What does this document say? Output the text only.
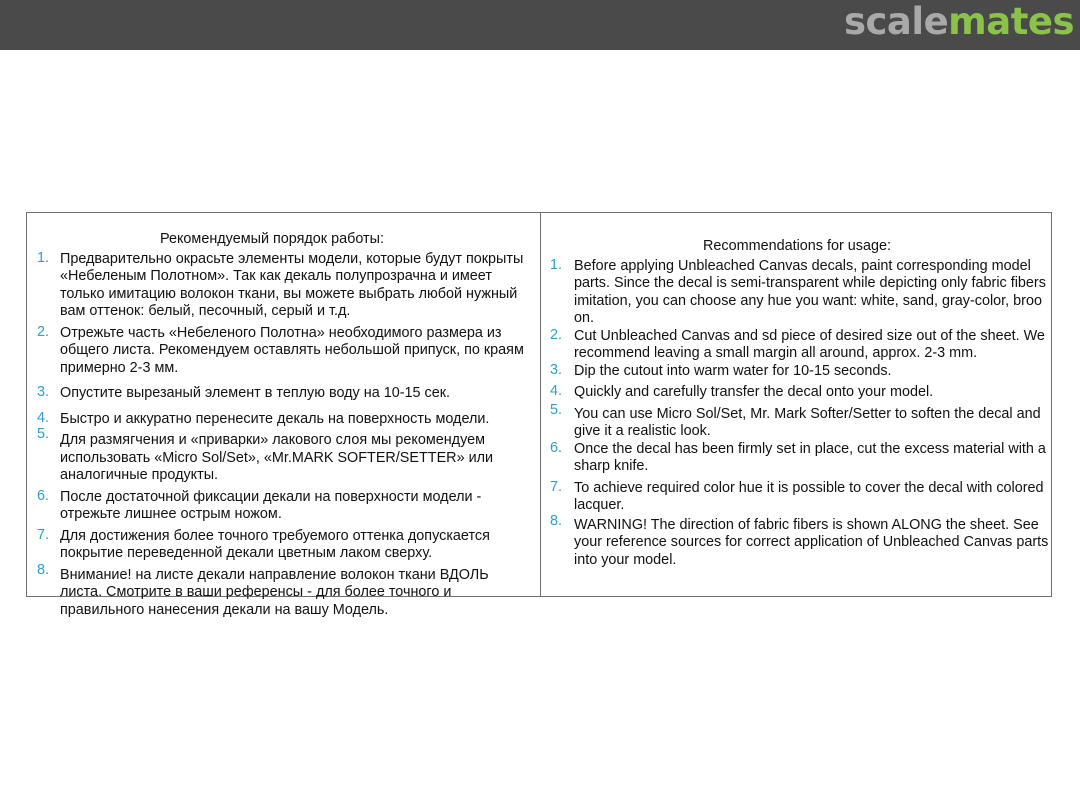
scalemates
Рекомендуемый порядок работы:
1. Предварительно окрасьте элементы модели, которые будут покрыты «Небеленым Полотном». Так как декаль полупрозрачна и имеет только имитацию волокон ткани, вы можете выбрать любой нужный вам оттенок: белый, песочный, серый и т.д.
2. Отрежьте часть «Небеленого Полотна» необходимого размера из общего листа. Рекомендуем оставлять небольшой припуск, по краям примерно 2-3 мм.
3. Опустите вырезаный элемент в теплую воду на 10-15 сек.
4. Быстро и аккуратно перенесите декаль на поверхность модели.
5. Для размягчения и «приварки» лакового слоя мы рекомендуем использовать «Micro Sol/Set», «Mr.MARK SOFTER/SETTER» или аналогичные продукты.
6. После достаточной фиксации декали на поверхности модели - отрежьте лишнее острым ножом.
7. Для достижения более точного требуемого оттенка допускается покрытие переведенной декали цветным лаком сверху.
8. Внимание! на листе декали направление волокон ткани ВДОЛЬ листа. Смотрите в ваши референсы - для более точного и правильного нанесения декали на вашу Модель.
Recommendations for usage:
1. Before applying Unbleached Canvas decals, paint corresponding model parts. Since the decal is semi-transparent while depicting only fabric fibers imitation, you can choose any hue you want: white, sand, gray-color, broo on.
2. Cut Unbleached Canvas and sd piece of desired size out of the sheet. We recommend leaving a small margin all around, approx. 2-3 mm.
3. Dip the cutout into warm water for 10-15 seconds.
4. Quickly and carefully transfer the decal onto your model.
5. You can use Micro Sol/Set, Mr. Mark Softer/Setter to soften the decal and give it a realistic look.
6. Once the decal has been firmly set in place, cut the excess material with a sharp knife.
7. To achieve required color hue it is possible to cover the decal with colored lacquer.
8. WARNING! The direction of fabric fibers is shown ALONG the sheet. See your reference sources for correct application of Unbleached Canvas parts into your model.
